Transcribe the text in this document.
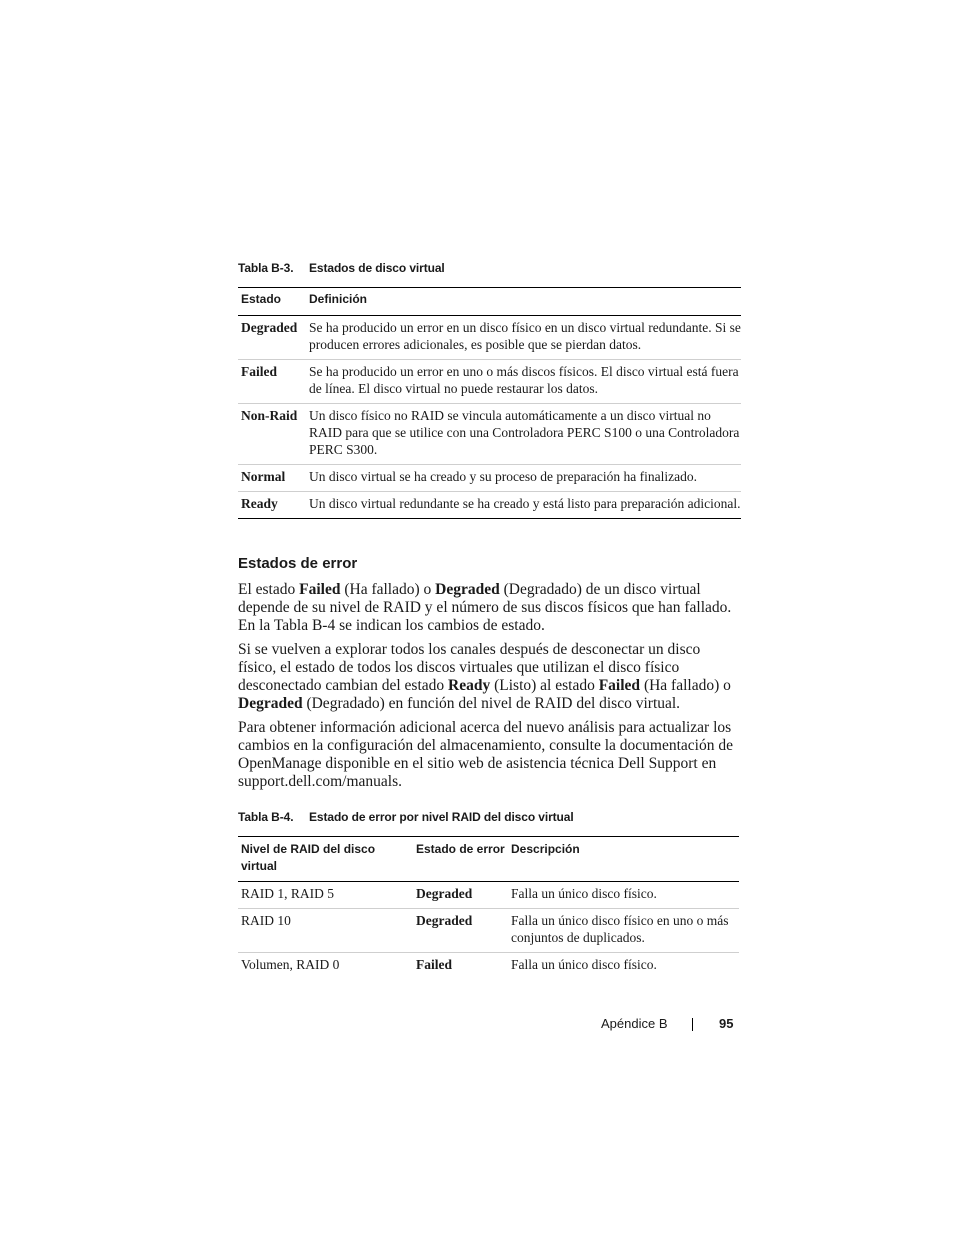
Tabla B-3. Estados de disco virtual
Estado	Definición
Degraded	Se ha producido un error en un disco físico en un disco virtual redundante. Si se producen errores adicionales, es posible que se pierdan datos.
Failed	Se ha producido un error en uno o más discos físicos. El disco virtual está fuera de línea. El disco virtual no puede restaurar los datos.
Non-Raid	Un disco físico no RAID se vincula automáticamente a un disco virtual no RAID para que se utilice con una Controladora PERC S100 o una Controladora PERC S300.
Normal	Un disco virtual se ha creado y su proceso de preparación ha finalizado.
Ready	Un disco virtual redundante se ha creado y está listo para preparación adicional.
Estados de error

El estado Failed (Ha fallado) o Degraded (Degradado) de un disco virtual depende de su nivel de RAID y el número de sus discos físicos que han fallado. En la Tabla B-4 se indican los cambios de estado.

Si se vuelven a explorar todos los canales después de desconectar un disco físico, el estado de todos los discos virtuales que utilizan el disco físico desconectado cambian del estado Ready (Listo) al estado Failed (Ha fallado) o Degraded (Degradado) en función del nivel de RAID del disco virtual.

Para obtener información adicional acerca del nuevo análisis para actualizar los cambios en la configuración del almacenamiento, consulte la documentación de OpenManage disponible en el sitio web de asistencia técnica Dell Support en support.dell.com/manuals.

Tabla B-4. Estado de error por nivel RAID del disco virtual
Nivel de RAID del disco virtual	Estado de error	Descripción
RAID 1, RAID 5	Degraded	Falla un único disco físico.
RAID 10	Degraded	Falla un único disco físico en uno o más conjuntos de duplicados.
Volumen, RAID 0	Failed	Falla un único disco físico.
Apéndice B	95
